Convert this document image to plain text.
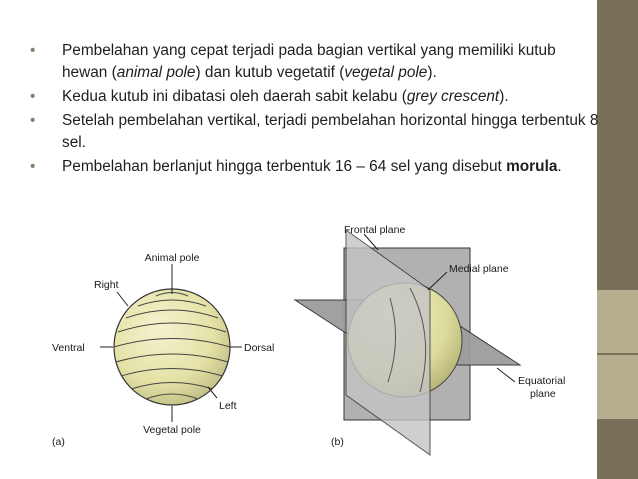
• Pembelahan yang cepat terjadi pada bagian vertikal yang memiliki kutub hewan (animal pole) dan kutub vegetatif (vegetal pole).
• Kedua kutub ini dibatasi oleh daerah sabit kelabu (grey crescent).
• Setelah pembelahan vertikal, terjadi pembelahan horizontal hingga terbentuk 8 sel.
• Pembelahan berlanjut hingga terbentuk 16 – 64 sel yang disebut morula.
Animal pole
Vegetal pole
Right
Left
Ventral	Dorsal
(a)
Frontal plane
Medial plane
Equatorial
plane
(b)
